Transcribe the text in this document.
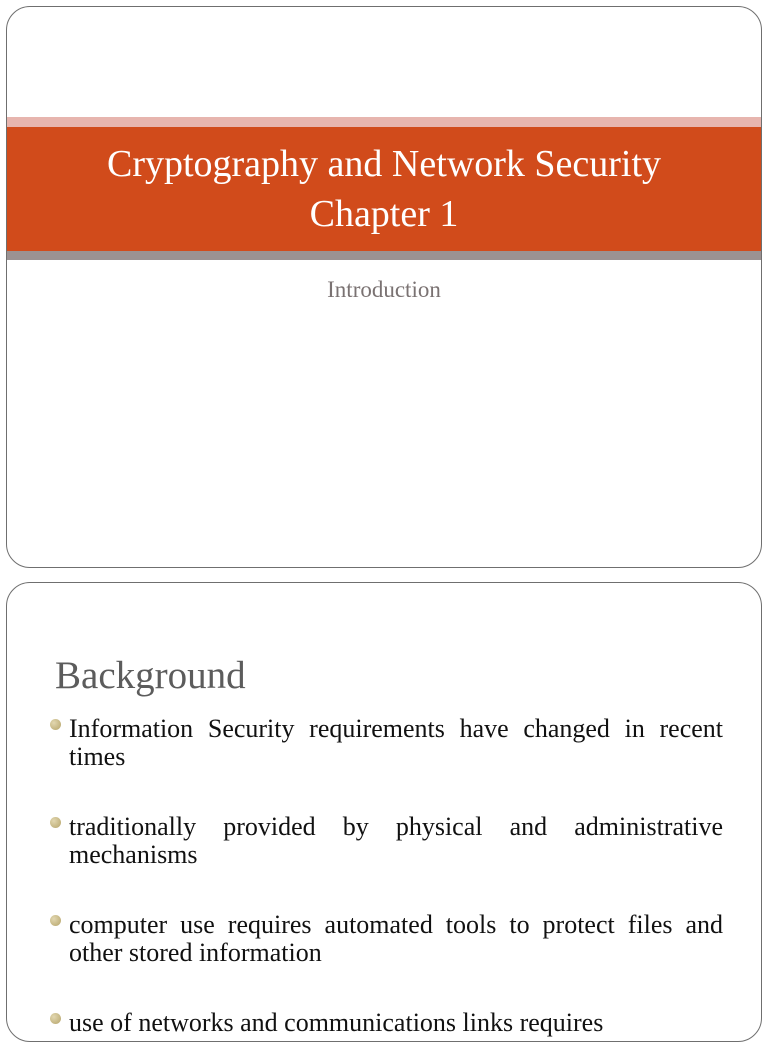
Cryptography and Network Security
Chapter 1
Introduction
Background
Information Security requirements have changed in recent times
traditionally provided by physical and administrative mechanisms
computer use requires automated tools to protect files and other stored information
use of networks and communications links requires
